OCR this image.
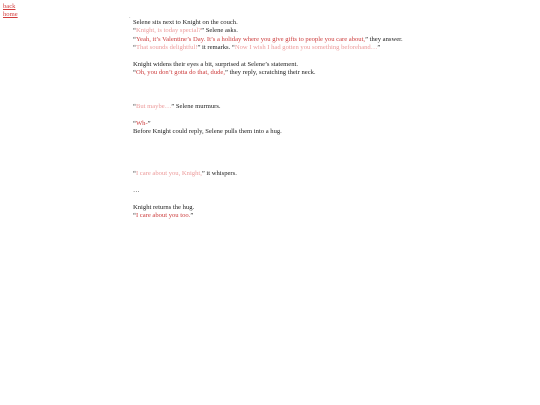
back
home
·
Selene sits next to Knight on the couch.
“Knight, is today special?” Selene asks.
“Yeah, it’s Valentine’s Day. It’s a holiday where you give gifts to people you care about,” they answer.
“That sounds delightful!” it remarks. “Now I wish I had gotten you something beforehand…”
Knight widens their eyes a bit, surprised at Selene’s statement.
“Oh, you don’t gotta do that, dude,” they reply, scratching their neck.
“But maybe…” Selene murmurs.
“Wh-”
Before Knight could reply, Selene pulls them into a hug.
“I care about you, Knight,” it whispers.
…
Knight returns the hug.
“I care about you too.”
